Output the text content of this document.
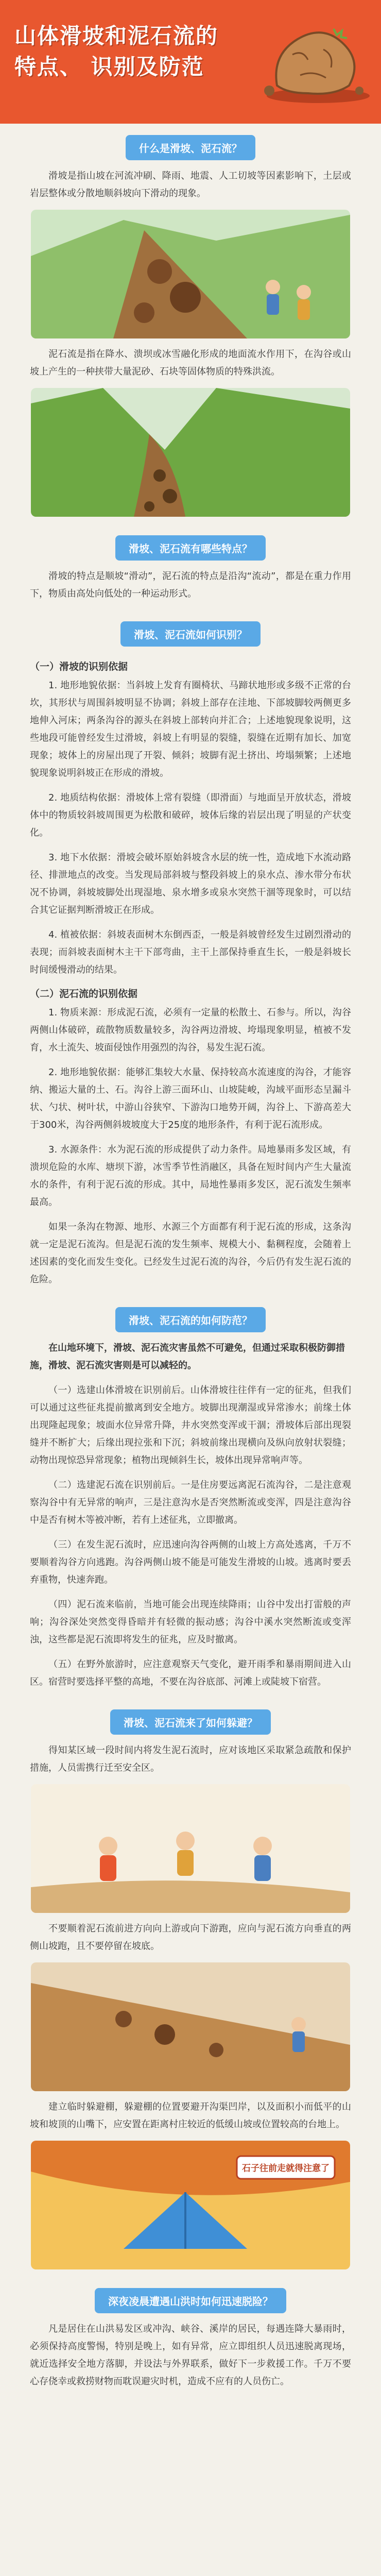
山体滑坡和泥石流的
特点、 识别及防范
什么是滑坡、泥石流？

滑坡是指山坡在河流冲刷、降雨、地震、人工切坡等因素影响下，土层或岩层整体或分散地顺斜坡向下滑动的现象。

泥石流是指在降水、溃坝或冰雪融化形成的地面流水作用下，在沟谷或山坡上产生的一种挟带大量泥砂、石块等固体物质的特殊洪流。

滑坡、泥石流有哪些特点？

滑坡的特点是顺坡“滑动”，泥石流的特点是沿沟“流动”，都是在重力作用下，物质由高处向低处的一种运动形式。

滑坡、泥石流如何识别？
（一）滑坡的识别依据

1. 地形地貌依据：当斜坡上发育有圈椅状、马蹄状地形或多级不正常的台坎，其形状与周围斜坡明显不协调；斜坡上部存在洼地、下部坡脚较两侧更多地伸入河床；两条沟谷的源头在斜坡上部转向并汇合；上述地貌现象说明，这些地段可能曾经发生过滑坡，斜坡上有明显的裂缝，裂缝在近期有加长、加宽现象；坡体上的房屋出现了开裂、倾斜；坡脚有泥土挤出、垮塌频繁；上述地貌现象说明斜坡正在形成的滑坡。

2. 地质结构依据：滑坡体上常有裂缝（即滑面）与地面呈开放状态，滑坡体中的物质较斜坡周围更为松散和破碎，坡体后缘的岩层出现了明显的产状变化。

3. 地下水依据：滑坡会破坏原始斜坡含水层的统一性，造成地下水流动路径、排泄地点的改变。当发现局部斜坡与整段斜坡上的泉水点、渗水带分布状况不协调，斜坡坡脚处出现湿地、泉水增多或泉水突然干涸等现象时，可以结合其它证据判断滑坡正在形成。

4. 植被依据：斜坡表面树木东倒西歪，一般是斜坡曾经发生过剧烈滑动的表现；而斜坡表面树木主干下部弯曲，主干上部保持垂直生长，一般是斜坡长时间缓慢滑动的结果。

（二）泥石流的识别依据

1. 物质来源：形成泥石流，必须有一定量的松散土、石参与。所以，沟谷两侧山体破碎，疏散物质数量较多，沟谷两边滑坡、垮塌现象明显，植被不发育，水土流失、坡面侵蚀作用强烈的沟谷，易发生泥石流。

2. 地形地貌依据：能够汇集较大水量、保持较高水流速度的沟谷，才能容纳、搬运大量的土、石。沟谷上游三面环山、山坡陡峻，沟域平面形态呈漏斗状、勺状、树叶状，中游山谷狭窄、下游沟口地势开阔，沟谷上、下游高差大于300米，沟谷两侧斜坡坡度大于25度的地形条件，有利于泥石流形成。

3. 水源条件：水为泥石流的形成提供了动力条件。局地暴雨多发区域，有溃坝危险的水库、塘坝下游，冰雪季节性消融区，具备在短时间内产生大量流水的条件，有利于泥石流的形成。其中，局地性暴雨多发区，泥石流发生频率最高。

如果一条沟在物源、地形、水源三个方面都有利于泥石流的形成，这条沟就一定是泥石流沟。但是泥石流的发生频率、规模大小、黏稠程度，会随着上述因素的变化而发生变化。已经发生过泥石流的沟谷，今后仍有发生泥石流的危险。

滑坡、泥石流的如何防范？

在山地环境下，滑坡、泥石流灾害虽然不可避免，但通过采取积极防御措施，滑坡、泥石流灾害则是可以减轻的。

（一）选建山体滑坡在识别前后。山体滑坡往往伴有一定的征兆，但我们可以通过这些征兆提前撤离到安全地方。坡脚出现潮湿或异常渗水；前缘土体出现隆起现象；坡面水位异常升降，井水突然变浑或干涸；滑坡体后部出现裂缝并不断扩大；后缘出现拉张和下沉；斜坡前缘出现横向及纵向放射状裂缝；动物出现惊恐异常现象；植物出现倾斜生长，坡体出现异常响声等。

（二）选建泥石流在识别前后。一是住房要远离泥石流沟谷，二是注意观察沟谷中有无异常的响声，三是注意沟水是否突然断流或变浑，四是注意沟谷中是否有树木等被冲断，若有上述征兆，立即撤离。

（三）在发生泥石流时，应迅速向沟谷两侧的山坡上方高处逃离，千万不要顺着沟谷方向逃跑。沟谷两侧山坡不能是可能发生滑坡的山坡。逃离时要丢弃重物，快速奔跑。

（四）泥石流来临前，当地可能会出现连续降雨；山谷中发出打雷般的声响；沟谷深处突然变得昏暗并有轻微的振动感；沟谷中溪水突然断流或变浑浊，这些都是泥石流即将发生的征兆，应及时撤离。

（五）在野外旅游时，应注意观察天气变化，避开雨季和暴雨期间进入山区。宿营时要选择平整的高地，不要在沟谷底部、河滩上或陡坡下宿营。

滑坡、泥石流来了如何躲避？

得知某区域一段时间内将发生泥石流时，应对该地区采取紧急疏散和保护措施，人员需携行迁至安全区。

不要顺着泥石流前进方向向上游或向下游跑，应向与泥石流方向垂直的两侧山坡跑，且不要停留在坡底。

建立临时躲避棚，躲避棚的位置要避开沟渠凹岸，以及面积小而低平的山坡和坡顶的山嘴下，应安置在距离村庄较近的低缓山坡或位置较高的台地上。

石子往前走就得注意了
深夜凌晨遭遇山洪时如何迅速脱险？

凡是居住在山洪易发区或冲沟、峡谷、溪岸的居民，每遇连降大暴雨时，必须保持高度警惕，特别是晚上，如有异常，应立即组织人员迅速脱离现场，就近选择安全地方落脚，并设法与外界联系，做好下一步救援工作。千万不要心存侥幸或救捞财物而耽误避灾时机，造成不应有的人员伤亡。
